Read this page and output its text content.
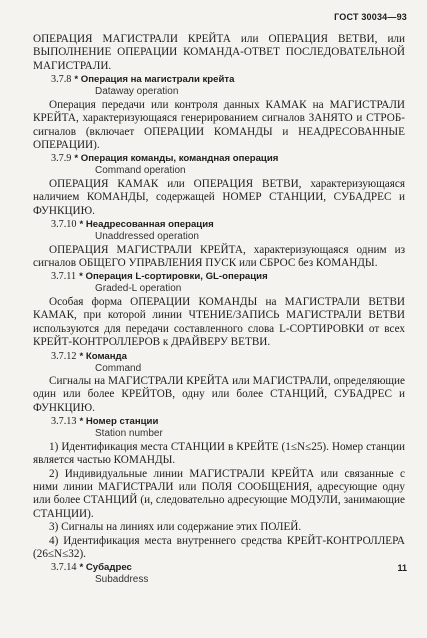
ГОСТ 30034—93

ОПЕРАЦИЯ МАГИСТРАЛИ КРЕЙТА или ОПЕРАЦИЯ ВЕТВИ, или ВЫПОЛНЕНИЕ ОПЕРАЦИИ КОМАНДА-ОТВЕТ ПОСЛЕДОВАТЕЛЬНОЙ МАГИСТРАЛИ.

3.7.8 * Операция на магистрали крейта

Dataway operation

Операция передачи или контроля данных КАМАК на МАГИСТРАЛИ КРЕЙТА, характеризующаяся генерированием сигналов ЗАНЯТО и СТРОБ-сигналов (включает ОПЕРАЦИИ КОМАНДЫ и НЕАДРЕСОВАННЫЕ ОПЕРАЦИИ).

3.7.9 * Операция команды, командная операция

Command operation

ОПЕРАЦИЯ КАМАК или ОПЕРАЦИЯ ВЕТВИ, характеризующаяся наличием КОМАНДЫ, содержащей НОМЕР СТАНЦИИ, СУБАДРЕС и ФУНКЦИЮ.

3.7.10 * Неадресованная операция

Unaddressed operation

ОПЕРАЦИЯ МАГИСТРАЛИ КРЕЙТА, характеризующаяся одним из сигналов ОБЩЕГО УПРАВЛЕНИЯ ПУСК или СБРОС без КОМАНДЫ.

3.7.11 * Операция L-сортировки, GL-операция

Graded-L operation

Особая форма ОПЕРАЦИИ КОМАНДЫ на МАГИСТРАЛИ ВЕТВИ КАМАК, при которой линии ЧТЕНИЕ/ЗАПИСЬ МАГИСТРАЛИ ВЕТВИ используются для передачи составленного слова L-СОРТИРОВКИ от всех КРЕЙТ-КОНТРОЛЛЕРОВ к ДРАЙВЕРУ ВЕТВИ.

3.7.12 * Команда

Command

Сигналы на МАГИСТРАЛИ КРЕЙТА или МАГИСТРАЛИ, определяющие один или более КРЕЙТОВ, одну или более СТАНЦИЙ, СУБАДРЕС и ФУНКЦИЮ.

3.7.13 * Номер станции

Station number

1) Идентификация места СТАНЦИИ в КРЕЙТЕ (1≤N≤25). Номер станции является частью КОМАНДЫ.

2) Индивидуальные линии МАГИСТРАЛИ КРЕЙТА или связанные с ними линии МАГИСТРАЛИ или ПОЛЯ СООБЩЕНИЯ, адресующие одну или более СТАНЦИЙ (и, следовательно адресующие МОДУЛИ, занимающие СТАНЦИИ).

3) Сигналы на линиях или содержание этих ПОЛЕЙ.

4) Идентификация места внутреннего средства КРЕЙТ-КОНТРОЛЛЕРА (26≤N≤32).

3.7.14 * Субадрес

Subaddress

11
